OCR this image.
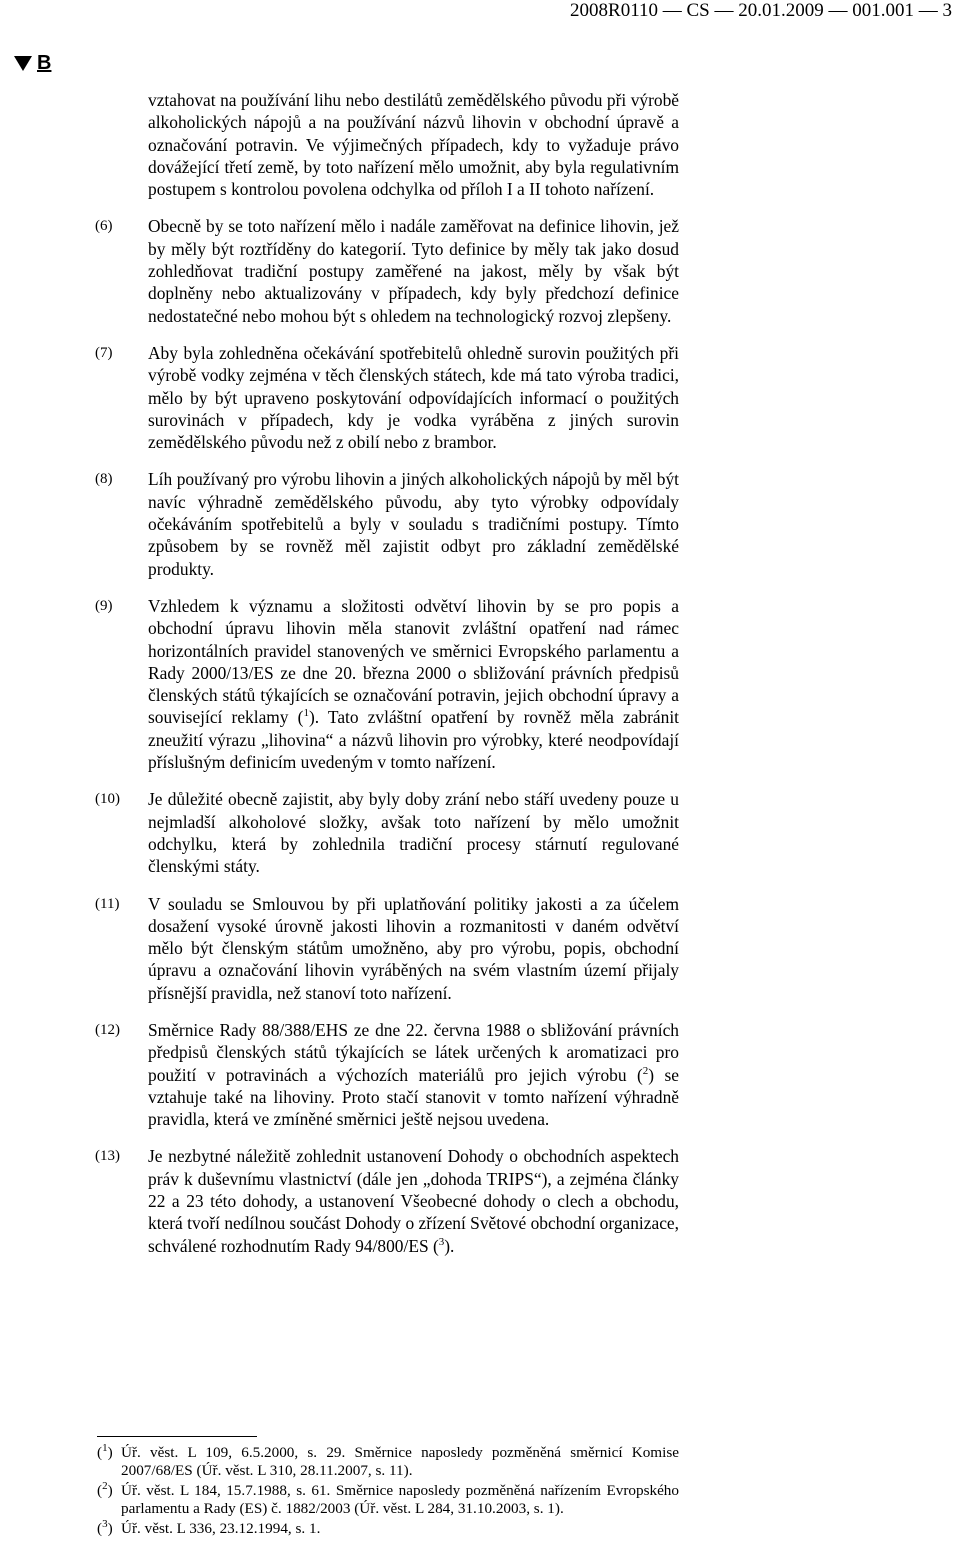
2008R0110 — CS — 20.01.2009 — 001.001 — 3
B
vztahovat na používání lihu nebo destilátů zemědělského původu při výrobě alkoholických nápojů a na používání názvů lihovin v obchodní úpravě a označování potravin. Ve výjimečných případech, kdy to vyžaduje právo dovážející třetí země, by toto nařízení mělo umožnit, aby byla regulativním postupem s kontrolou povolena odchylka od příloh I a II tohoto nařízení.
(6)	Obecně by se toto nařízení mělo i nadále zaměřovat na definice lihovin, jež by měly být roztříděny do kategorií. Tyto definice by měly tak jako dosud zohledňovat tradiční postupy zaměřené na jakost, měly by však být doplněny nebo aktualizovány v případech, kdy byly předchozí definice nedostatečné nebo mohou být s ohledem na technologický rozvoj zlepšeny.
(7)	Aby byla zohledněna očekávání spotřebitelů ohledně surovin použitých při výrobě vodky zejména v těch členských státech, kde má tato výroba tradici, mělo by být upraveno poskytování odpovídajících informací o použitých surovinách v případech, kdy je vodka vyráběna z jiných surovin zemědělského původu než z obilí nebo z brambor.
(8)	Líh používaný pro výrobu lihovin a jiných alkoholických nápojů by měl být navíc výhradně zemědělského původu, aby tyto výrobky odpovídaly očekáváním spotřebitelů a byly v souladu s tradičními postupy. Tímto způsobem by se rovněž měl zajistit odbyt pro základní zemědělské produkty.
(9)	Vzhledem k významu a složitosti odvětví lihovin by se pro popis a obchodní úpravu lihovin měla stanovit zvláštní opatření nad rámec horizontálních pravidel stanovených ve směrnici Evropského parlamentu a Rady 2000/13/ES ze dne 20. března 2000 o sbližování právních předpisů členských států týkajících se označování potravin, jejich obchodní úpravy a související reklamy ($^1$). Tato zvláštní opatření by rovněž měla zabránit zneužití výrazu „lihovina“ a názvů lihovin pro výrobky, které neodpovídají příslušným definicím uvedeným v tomto nařízení.
(10)	Je důležité obecně zajistit, aby byly doby zrání nebo stáří uvedeny pouze u nejmladší alkoholové složky, avšak toto nařízení by mělo umožnit odchylku, která by zohlednila tradiční procesy stárnutí regulované členskými státy.
(11)	V souladu se Smlouvou by při uplatňování politiky jakosti a za účelem dosažení vysoké úrovně jakosti lihovin a rozmanitosti v daném odvětví mělo být členským státům umožněno, aby pro výrobu, popis, obchodní úpravu a označování lihovin vyráběných na svém vlastním území přijaly přísnější pravidla, než stanoví toto nařízení.
(12)	Směrnice Rady 88/388/EHS ze dne 22. června 1988 o sbližování právních předpisů členských států týkajících se látek určených k aromatizaci pro použití v potravinách a výchozích materiálů pro jejich výrobu ($^2$) se vztahuje také na lihoviny. Proto stačí stanovit v tomto nařízení výhradně pravidla, která ve zmíněné směrnici ještě nejsou uvedena.
(13)	Je nezbytné náležitě zohlednit ustanovení Dohody o obchodních aspektech práv k duševnímu vlastnictví (dále jen „dohoda TRIPS“), a zejména články 22 a 23 této dohody, a ustanovení Všeobecné dohody o clech a obchodu, která tvoří nedílnou součást Dohody o zřízení Světové obchodní organizace, schválené rozhodnutím Rady 94/800/ES ($^3$).
($^1$) Úř. věst. L 109, 6.5.2000, s. 29. Směrnice naposledy pozměněná směrnicí Komise 2007/68/ES (Úř. věst. L 310, 28.11.2007, s. 11).
($^2$) Úř. věst. L 184, 15.7.1988, s. 61. Směrnice naposledy pozměněná nařízením Evropského parlamentu a Rady (ES) č. 1882/2003 (Úř. věst. L 284, 31.10.2003, s. 1).
($^3$) Úř. věst. L 336, 23.12.1994, s. 1.
